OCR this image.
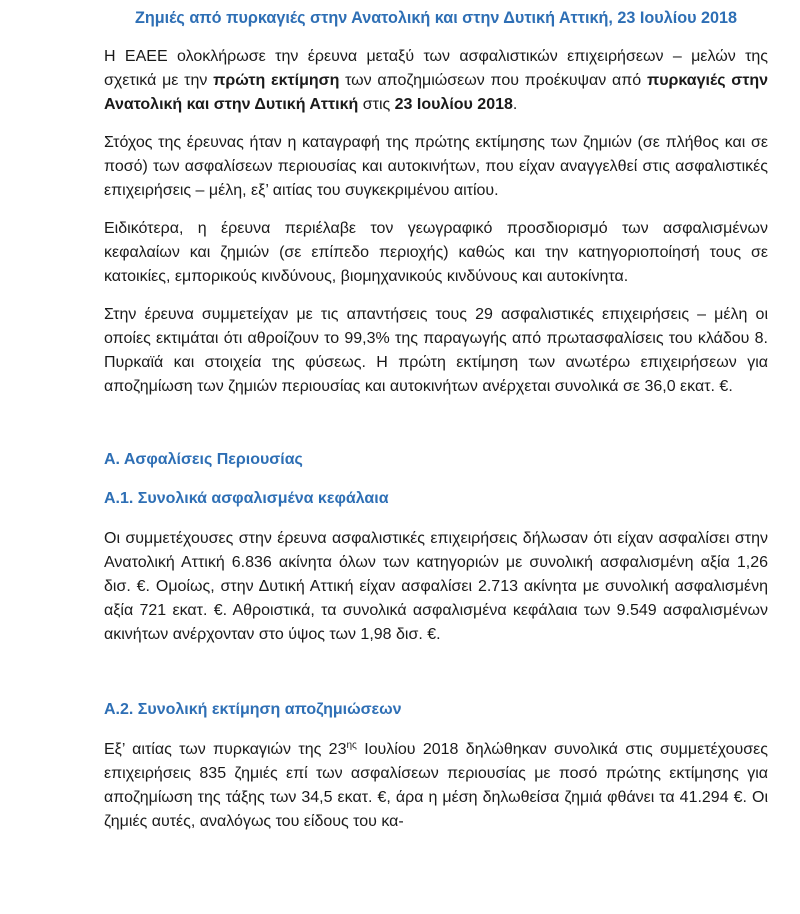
Ζημιές από πυρκαγιές στην Ανατολική και στην Δυτική Αττική, 23 Ιουλίου 2018

Η ΕΑΕΕ ολοκλήρωσε την έρευνα μεταξύ των ασφαλιστικών επιχειρήσεων – μελών της σχετικά με την πρώτη εκτίμηση των αποζημιώσεων που προέκυψαν από πυρκαγιές στην Ανατολική και στην Δυτική Αττική στις 23 Ιουλίου 2018.

Στόχος της έρευνας ήταν η καταγραφή της πρώτης εκτίμησης των ζημιών (σε πλήθος και σε ποσό) των ασφαλίσεων περιουσίας και αυτοκινήτων, που είχαν αναγγελθεί στις ασφαλιστικές επιχειρήσεις – μέλη, εξ’ αιτίας του συγκεκριμένου αιτίου.

Ειδικότερα, η έρευνα περιέλαβε τον γεωγραφικό προσδιορισμό των ασφαλισμένων κεφαλαίων και ζημιών (σε επίπεδο περιοχής) καθώς και την κατηγοριοποίησή τους σε κατοικίες, εμπορικούς κινδύνους, βιομηχανικούς κινδύνους και αυτοκίνητα.

Στην έρευνα συμμετείχαν με τις απαντήσεις τους 29 ασφαλιστικές επιχειρήσεις – μέλη οι οποίες εκτιμάται ότι αθροίζουν το 99,3% της παραγωγής από πρωτασφαλίσεις του κλάδου 8. Πυρκαϊά και στοιχεία της φύσεως. Η πρώτη εκτίμηση των ανωτέρω επιχειρήσεων για αποζημίωση των ζημιών περιουσίας και αυτοκινήτων ανέρχεται συνολικά σε 36,0 εκατ. €.

Α. Ασφαλίσεις Περιουσίας
Α.1. Συνολικά ασφαλισμένα κεφάλαια

Οι συμμετέχουσες στην έρευνα ασφαλιστικές επιχειρήσεις δήλωσαν ότι είχαν ασφαλίσει στην Ανατολική Αττική 6.836 ακίνητα όλων των κατηγοριών με συνολική ασφαλισμένη αξία 1,26 δισ. €. Ομοίως, στην Δυτική Αττική είχαν ασφαλίσει 2.713 ακίνητα με συνολική ασφαλισμένη αξία 721 εκατ. €. Αθροιστικά, τα συνολικά ασφαλισμένα κεφάλαια των 9.549 ασφαλισμένων ακινήτων ανέρχονταν στο ύψος των 1,98 δισ. €.

Α.2. Συνολική εκτίμηση αποζημιώσεων

Εξ’ αιτίας των πυρκαγιών της $23^{\eta\varsigma}$ Ιουλίου 2018 δηλώθηκαν συνολικά στις συμμετέχουσες επιχειρήσεις 835 ζημιές επί των ασφαλίσεων περιουσίας με ποσό πρώτης εκτίμησης για αποζημίωση της τάξης των 34,5 εκατ. €, άρα η μέση δηλωθείσα ζημιά φθάνει τα 41.294 €. Οι ζημιές αυτές, αναλόγως του είδους του κα-
